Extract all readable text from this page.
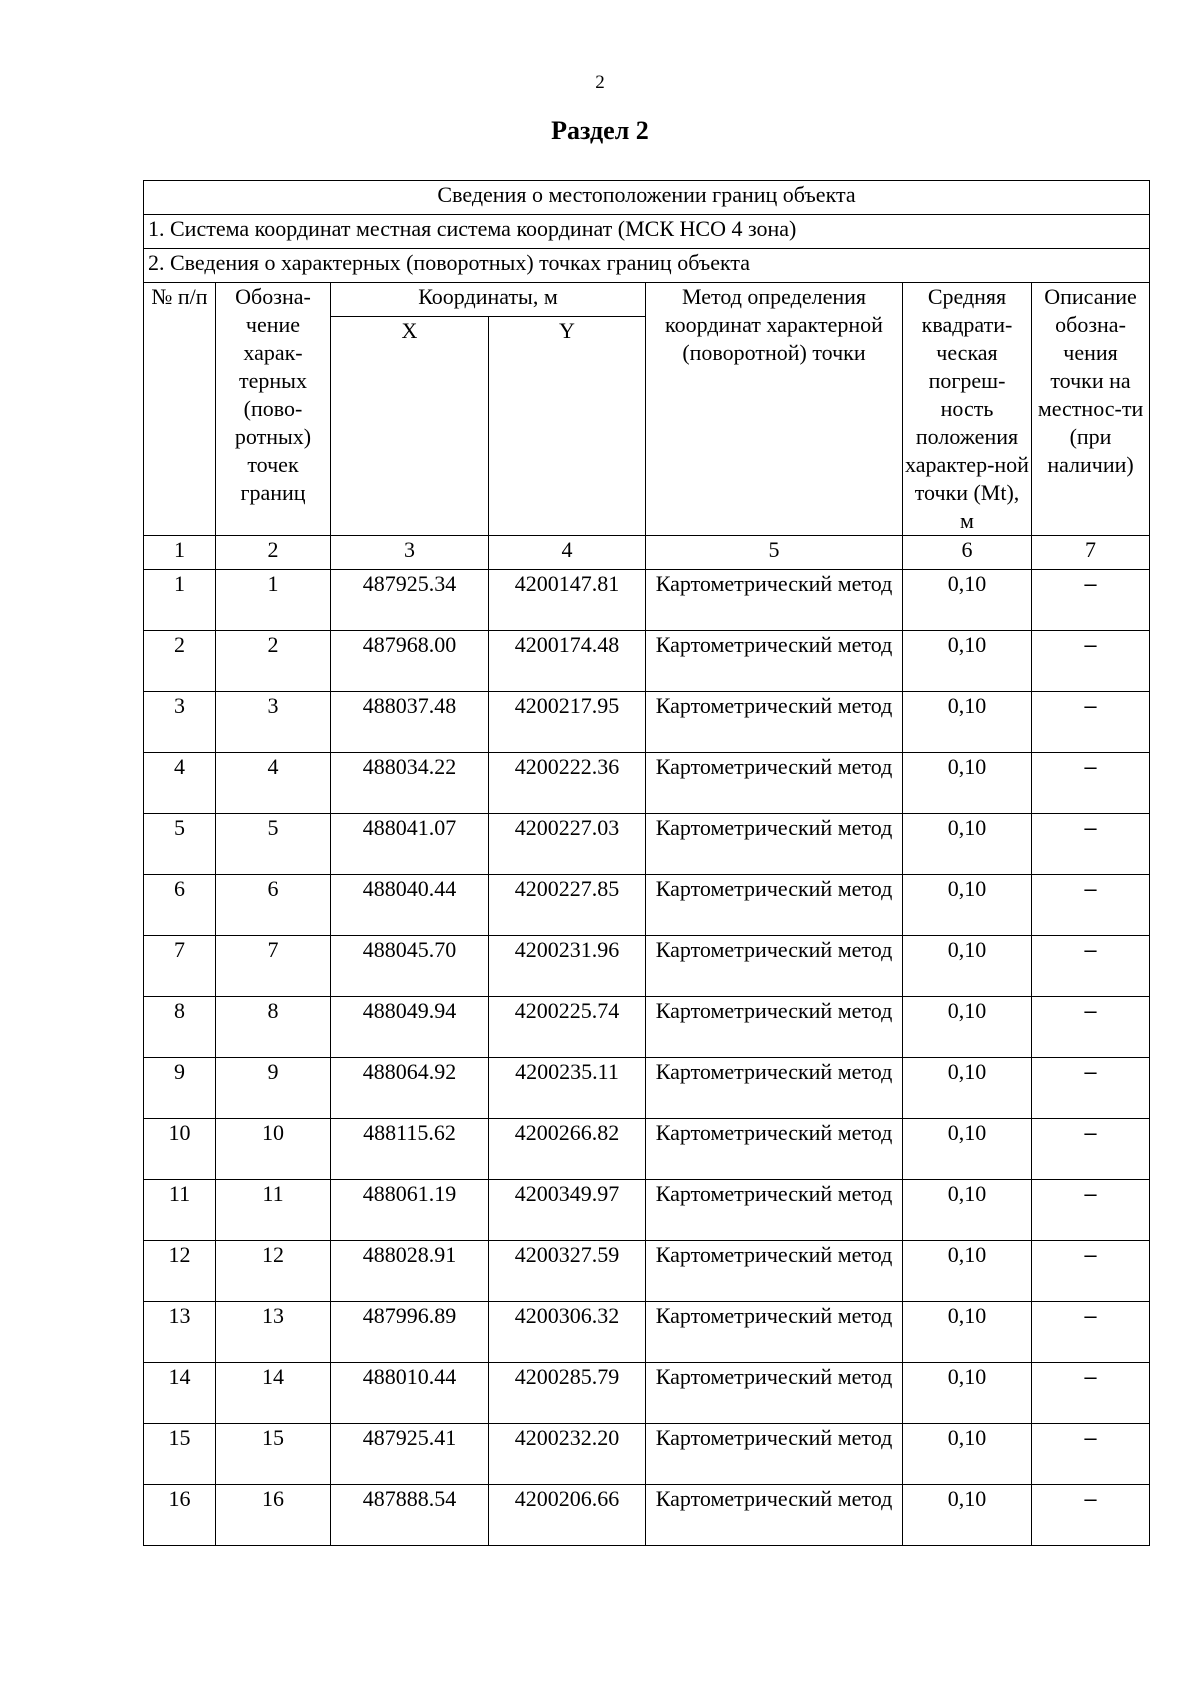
2
Раздел 2
Сведения о местоположении границ объекта						
1. Система координат местная система координат (МСК НСО 4 зона)						
2. Сведения о характерных (поворотных) точках границ объекта						
№ п/п	Обозна-чение харак-терных (пово-ротных) точек границ	Координаты, м		Метод определения координат характерной (поворотной) точки	Средняя квадрати-ческая погреш-ность положения характер-ной точки (Mt), м	Описание обозна-чения точки на местнос-ти (при наличии)
		X	Y			
1	2	3	4	5	6	7
1	1	487925.34	4200147.81	Картометрический метод	0,10	–
2	2	487968.00	4200174.48	Картометрический метод	0,10	–
3	3	488037.48	4200217.95	Картометрический метод	0,10	–
4	4	488034.22	4200222.36	Картометрический метод	0,10	–
5	5	488041.07	4200227.03	Картометрический метод	0,10	–
6	6	488040.44	4200227.85	Картометрический метод	0,10	–
7	7	488045.70	4200231.96	Картометрический метод	0,10	–
8	8	488049.94	4200225.74	Картометрический метод	0,10	–
9	9	488064.92	4200235.11	Картометрический метод	0,10	–
10	10	488115.62	4200266.82	Картометрический метод	0,10	–
11	11	488061.19	4200349.97	Картометрический метод	0,10	–
12	12	488028.91	4200327.59	Картометрический метод	0,10	–
13	13	487996.89	4200306.32	Картометрический метод	0,10	–
14	14	488010.44	4200285.79	Картометрический метод	0,10	–
15	15	487925.41	4200232.20	Картометрический метод	0,10	–
16	16	487888.54	4200206.66	Картометрический метод	0,10	–
